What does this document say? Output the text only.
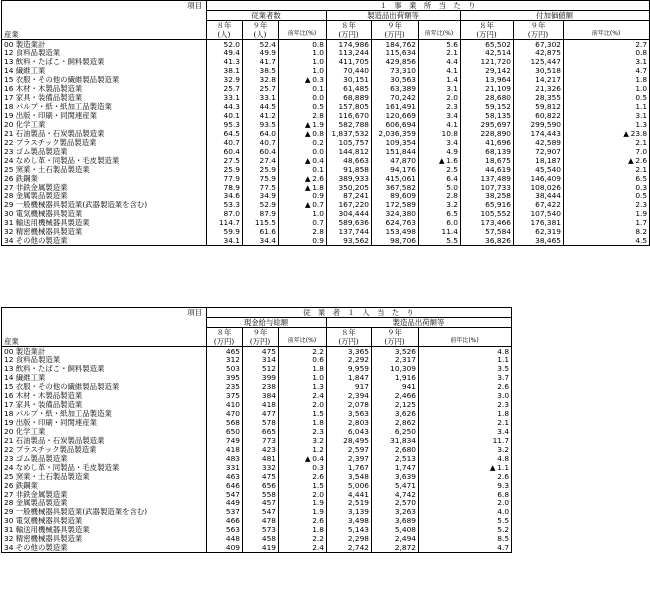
項目	１　事　業　所　当　た　り								
	従業者数			製造品出荷額等			付加価値額		
	８年	９年		８年	９年		８年	９年	
産業	(人)	(人)	前年比(%)	(万円)	(万円)	前年比(%)	(万円)	(万円)	前年比(%)
00 製造業計	52.0	52.4	0.8	174,986	184,762	5.6	65,502	67,302	2.7
12 食料品製造業	49.4	49.9	1.0	113,244	115,634	2.1	42,514	42,875	0.8
13 飲料・たばこ・飼料製造業	41.3	41.7	1.0	411,705	429,856	4.4	121,720	125,447	3.1
14 繊維工業	38.1	38.5	1.0	70,440	73,310	4.1	29,142	30,518	4.7
15 衣服・その他の繊維製品製造業	32.9	32.8	▲ 0.3	30,151	30,563	1.4	13,964	14,217	1.8
16 木材・木製品製造業	25.7	25.7	0.1	61,485	63,389	3.1	21,109	21,326	1.0
17 家具・装備品製造業	33.1	33.1	0.0	68,889	70,242	2.0	28,680	28,355	0.5
18 パルプ・紙・紙加工品製造業	44.3	44.5	0.5	157,805	161,491	2.3	59,152	59,812	1.1
19 出版・印刷・同関連産業	40.1	41.2	2.8	116,670	120,669	3.4	58,135	60,822	3.1
20 化学工業	95.3	93.5	▲ 1.9	582,788	606,694	4.1	295,697	299,590	1.3
21 石油製品・石炭製品製造業	64.5	64.0	▲ 0.8	1,837,532	2,036,359	10.8	228,890	174,443	▲ 23.8
22 プラスチック製品製造業	40.7	40.7	0.2	105,757	109,354	3.4	41,696	42,589	2.1
23 ゴム製品製造業	60.4	60.4	0.0	144,812	151,844	4.9	68,139	72,907	7.0
24 なめし革・同製品・毛皮製造業	27.5	27.4	▲ 0.4	48,663	47,870	▲ 1.6	18,675	18,187	▲ 2.6
25 窯業・土石製品製造業	25.9	25.9	0.1	91,858	94,176	2.5	44,619	45,540	2.1
26 鉄鋼業	77.9	75.9	▲ 2.6	389,933	415,061	6.4	137,489	146,409	6.5
27 非鉄金属製造業	78.9	77.5	▲ 1.8	350,205	367,582	5.0	107,733	108,026	0.3
28 金属製品製造業	34.6	34.9	0.9	87,241	89,609	2.8	38,258	38,444	0.5
29 一般機械器具製造業(武器製造業を含む)	53.3	52.9	▲ 0.7	167,220	172,589	3.2	65,916	67,422	2.3
30 電気機械器具製造業	87.0	87.9	1.0	304,444	324,380	6.5	105,552	107,540	1.9
31 輸送用機械器具製造業	114.7	115.5	0.7	589,636	624,763	6.0	173,466	176,381	1.7
32 精密機械器具製造業	59.9	61.6	2.8	137,744	153,498	11.4	57,584	62,319	8.2
34 その他の製造業	34.1	34.4	0.9	93,562	98,706	5.5	36,826	38,465	4.5
項目	従　業　者　１　人　当　た　り					
	現金給与総額			製造品出荷額等		
	８年	９年		８年	９年	
産業	(万円)	(万円)	前年比(%)	(万円)	(万円)	前年比(%)
00 製造業計	465	475	2.2	3,365	3,526	4.8
12 食料品製造業	312	314	0.6	2,292	2,317	1.1
13 飲料・たばこ・飼料製造業	503	512	1.8	9,959	10,309	3.5
14 繊維工業	395	399	1.0	1,847	1,916	3.7
15 衣服・その他の繊維製品製造業	235	238	1.3	917	941	2.6
16 木材・木製品製造業	375	384	2.4	2,394	2,466	3.0
17 家具・装備品製造業	410	418	2.0	2,078	2,125	2.3
18 パルプ・紙・紙加工品製造業	470	477	1.5	3,563	3,626	1.8
19 出版・印刷・同関連産業	568	578	1.8	2,803	2,862	2.1
20 化学工業	650	665	2.3	6,043	6,250	3.4
21 石油製品・石炭製品製造業	749	773	3.2	28,495	31,834	11.7
22 プラスチック製品製造業	418	423	1.2	2,597	2,680	3.2
23 ゴム製品製造業	483	481	▲ 0.4	2,397	2,513	4.8
24 なめし革・同製品・毛皮製造業	331	332	0.3	1,767	1,747	▲ 1.1
25 窯業・土石製品製造業	463	475	2.6	3,548	3,639	2.6
26 鉄鋼業	646	656	1.5	5,006	5,471	9.3
27 非鉄金属製造業	547	558	2.0	4,441	4,742	6.8
28 金属製品製造業	449	457	1.9	2,519	2,570	2.0
29 一般機械器具製造業(武器製造業を含む)	537	547	1.9	3,139	3,263	4.0
30 電気機械器具製造業	466	478	2.6	3,498	3,689	5.5
31 輸送用機械器具製造業	563	573	1.8	5,143	5,408	5.2
32 精密機械器具製造業	448	458	2.2	2,298	2,494	8.5
34 その他の製造業	409	419	2.4	2,742	2,872	4.7
